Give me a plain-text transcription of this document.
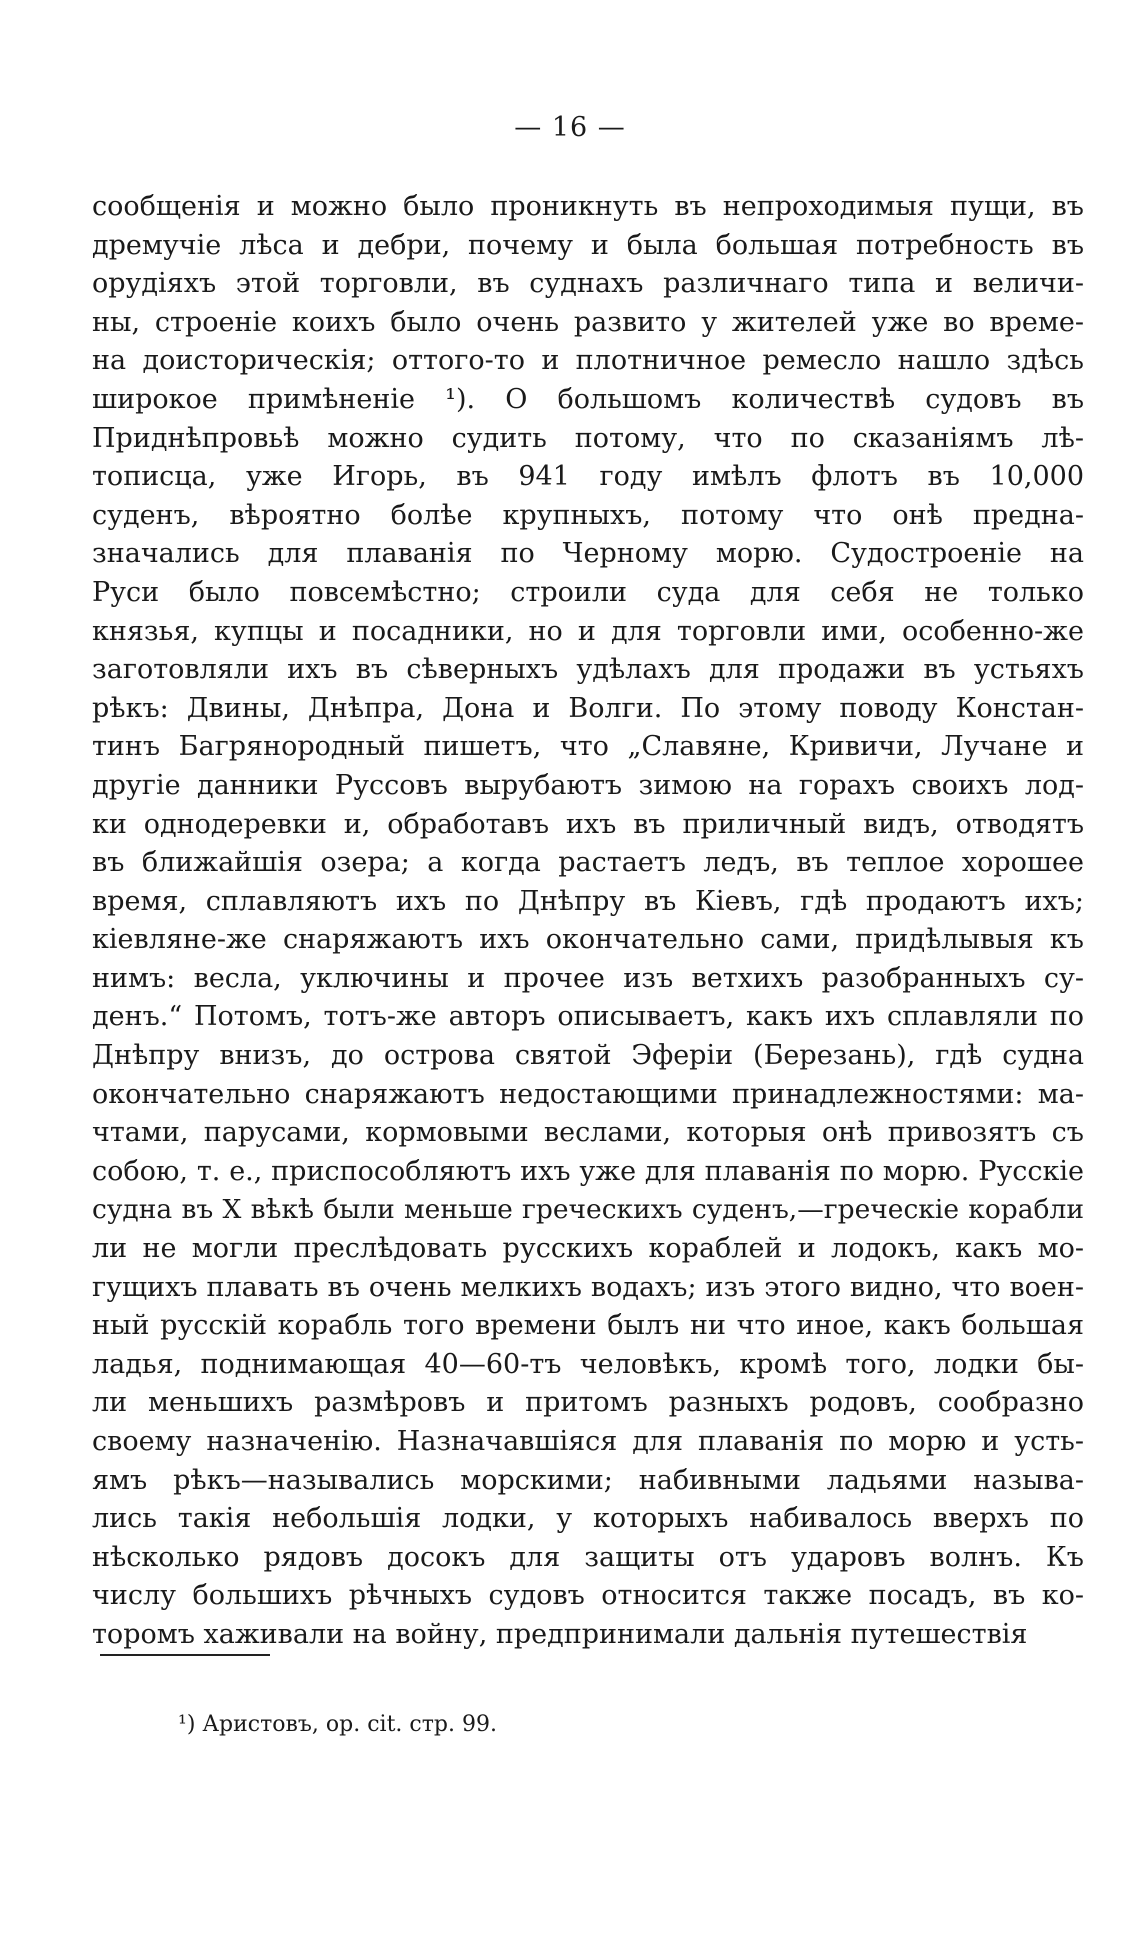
— 16 —
сообщенія и можно было проникнуть въ непроходимыя пущи, въ
дремучіе лѣса и дебри, почему и была большая потребность въ
орудіяхъ этой торговли, въ суднахъ различнаго типа и величи-
ны, строеніе коихъ было очень развито у жителей уже во време-
на доисторическія; оттого-то и плотничное ремесло нашло здѣсь
широкое примѣненіе ¹). О большомъ количествѣ судовъ въ
Приднѣпровьѣ можно судить потому, что по сказаніямъ лѣ-
тописца, уже Игорь, въ 941 году имѣлъ флотъ въ 10,000
суденъ, вѣроятно болѣе крупныхъ, потому что онѣ предна-
значались для плаванія по Черному морю. Судостроеніе на
Руси было повсемѣстно; строили суда для себя не только
князья, купцы и посадники, но и для торговли ими, особенно-же
заготовляли ихъ въ сѣверныхъ удѣлахъ для продажи въ устьяхъ
рѣкъ: Двины, Днѣпра, Дона и Волги. По этому поводу Констан-
тинъ Багрянородный пишетъ, что „Славяне, Кривичи, Лучане и
другіе данники Руссовъ вырубаютъ зимою на горахъ своихъ лод-
ки однодеревки и, обработавъ ихъ въ приличный видъ, отводятъ
въ ближайшія озера; а когда растаетъ ледъ, въ теплое хорошее
время, сплавляютъ ихъ по Днѣпру въ Кіевъ, гдѣ продаютъ ихъ;
кіевляне-же снаряжаютъ ихъ окончательно сами, придѣлывыя къ
нимъ: весла, уключины и прочее изъ ветхихъ разобранныхъ су-
денъ.“ Потомъ, тотъ-же авторъ описываетъ, какъ ихъ сплавляли по
Днѣпру внизъ, до острова святой Эферіи (Березань), гдѣ судна
окончательно снаряжаютъ недостающими принадлежностями: ма-
чтами, парусами, кормовыми веслами, которыя онѣ привозятъ съ
собою, т. е., приспособляютъ ихъ уже для плаванія по морю. Русскіе
судна въ X вѣкѣ были меньше греческихъ суденъ,—греческіе корабли
ли не могли преслѣдовать русскихъ кораблей и лодокъ, какъ мо-
гущихъ плавать въ очень мелкихъ водахъ; изъ этого видно, что воен-
ный русскій корабль того времени былъ ни что иное, какъ большая
ладья, поднимающая 40—60-тъ человѣкъ, кромѣ того, лодки бы-
ли меньшихъ размѣровъ и притомъ разныхъ родовъ, сообразно
своему назначенію. Назначавшіяся для плаванія по морю и усть-
ямъ рѣкъ—назывались морскими; набивными ладьями называ-
лись такія небольшія лодки, у которыхъ набивалось вверхъ по
нѣсколько рядовъ досокъ для защиты отъ ударовъ волнъ. Къ
числу большихъ рѣчныхъ судовъ относится также посадъ, въ ко-
торомъ хаживали на войну, предпринимали дальнія путешествія
¹) Аристовъ, op. cit. стр. 99.
